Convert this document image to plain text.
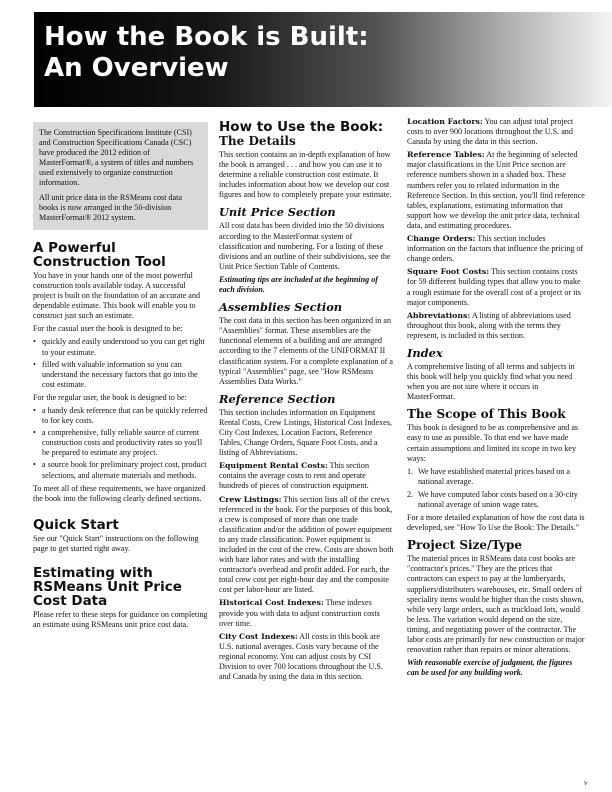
How the Book is Built:
An Overview

The Construction Specifications Institute (CSI) and Construction Specifications Canada (CSC) have produced the 2012 edition of MasterFormat®, a system of titles and numbers used extensively to organize construction information.

All unit price data in the RSMeans cost data books is now arranged in the 50-division MasterFormat® 2012 system.

A Powerful Construction Tool

You have in your hands one of the most powerful construction tools available today. A successful project is built on the foundation of an accurate and dependable estimate. This book will enable you to construct just such an estimate.

For the casual user the book is designed to be:

• quickly and easily understood so you can get right to your estimate.
• filled with valuable information so you can understand the necessary factors that go into the cost estimate.

For the regular user, the book is designed to be:

• a handy desk reference that can be quickly referred to for key costs.
• a comprehensive, fully reliable source of current construction costs and productivity rates so you'll be prepared to estimate any project.
• a source book for preliminary project cost, product selections, and alternate materials and methods.

To meet all of these requirements, we have organized the book into the following clearly defined sections.

Quick Start

See our "Quick Start" instructions on the following page to get started right away.

Estimating with RSMeans Unit Price Cost Data

Please refer to these steps for guidance on completing an estimate using RSMeans unit price cost data.

How to Use the Book:
The Details

This section contains an in-depth explanation of how the book is arranged . . . and how you can use it to determine a reliable construction cost estimate. It includes information about how we develop our cost figures and how to completely prepare your estimate.

Unit Price Section

All cost data has been divided into the 50 divisions according to the MasterFormat system of classification and numbering. For a listing of these divisions and an outline of their subdivisions, see the Unit Price Section Table of Contents.

Estimating tips are included at the beginning of each division.

Assemblies Section

The cost data in this section has been organized in an "Assemblies" format. These assemblies are the functional elements of a building and are arranged according to the 7 elements of the UNIFORMAT II classification system. For a complete explanation of a typical "Assemblies" page, see "How RSMeans Assemblies Data Works."

Reference Section

This section includes information on Equipment Rental Costs, Crew Listings, Historical Cost Indexes, City Cost Indexes, Location Factors, Reference Tables, Change Orders, Square Foot Costs, and a listing of Abbreviations.

Equipment Rental Costs: This section contains the average costs to rent and operate hundreds of pieces of construction equipment.

Crew Listings: This section lists all of the crews referenced in the book. For the purposes of this book, a crew is composed of more than one trade classification and/or the addition of power equipment to any trade classification. Power equipment is included in the cost of the crew. Costs are shown both with bare labor rates and with the installing contractor's overhead and profit added. For each, the total crew cost per eight-hour day and the composite cost per labor-hour are listed.

Historical Cost Indexes: These indexes provide you with data to adjust construction costs over time.

City Cost Indexes: All costs in this book are U.S. national averages. Costs vary because of the regional economy. You can adjust costs by CSI Division to over 700 locations throughout the U.S. and Canada by using the data in this section.

Location Factors: You can adjust total project costs to over 900 locations throughout the U.S. and Canada by using the data in this section.

Reference Tables: At the beginning of selected major classifications in the Unit Price section are reference numbers shown in a shaded box. These numbers refer you to related information in the Reference Section. In this section, you'll find reference tables, explanations, estimating information that support how we develop the unit price data, technical data, and estimating procedures.

Change Orders: This section includes information on the factors that influence the pricing of change orders.

Square Foot Costs: This section contains costs for 59 different building types that allow you to make a rough estimate for the overall cost of a project or its major components.

Abbreviations: A listing of abbreviations used throughout this book, along with the terms they represent, is included in this section.

Index

A comprehensive listing of all terms and subjects in this book will help you quickly find what you need when you are not sure where it occurs in MasterFormat.

The Scope of This Book

This book is designed to be as comprehensive and as easy to use as possible. To that end we have made certain assumptions and limited its scope in two key ways:

1. We have established material prices based on a national average.
2. We have computed labor costs based on a 30-city national average of union wage rates.

For a more detailed explanation of how the cost data is developed, see "How To Use the Book: The Details."

Project Size/Type

The material prices in RSMeans data cost books are "contractor's prices." They are the prices that contractors can expect to pay at the lumberyards, suppliers/distributers warehouses, etc. Small orders of speciality items would be higher than the costs shown, while very large orders, such as truckload lots, would be less. The variation would depend on the size, timing, and negotiating power of the contractor. The labor costs are primarily for new construction or major renovation rather than repairs or minor alterations.

With reasonable exercise of judgment, the figures can be used for any building work.

v
